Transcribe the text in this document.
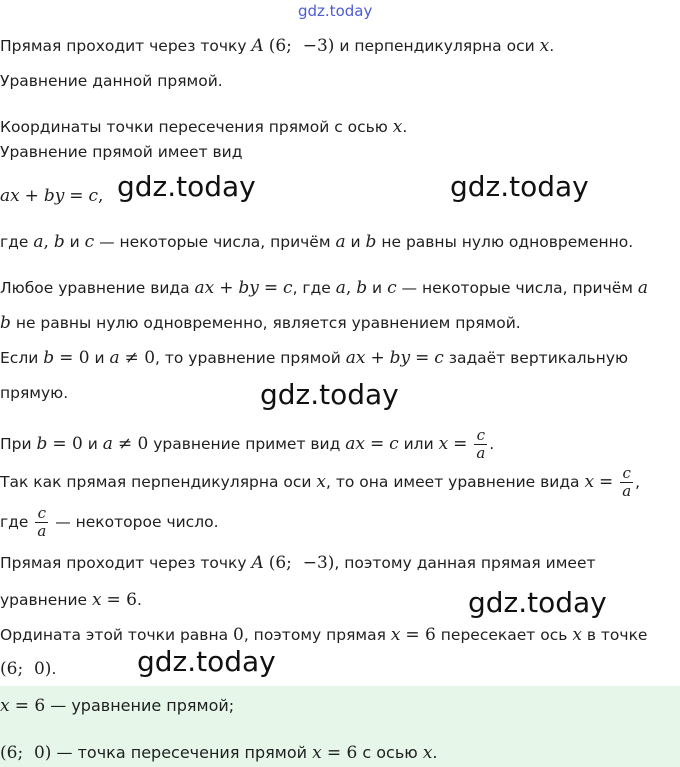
gdz.today
Прямая проходит через точку A (6;  −3) и перпендикулярна оси x.
Уравнение данной прямой.
Координаты точки пересечения прямой с осью x.
Уравнение прямой имеет вид
ax + by = c,
где a, b и c — некоторые числа, причём a и b не равны нулю одновременно.
Любое уравнение вида ax + by = c, где a, b и c — некоторые числа, причём a
b не равны нулю одновременно, является уравнением прямой.
Если b = 0 и a ≠ 0, то уравнение прямой ax + by = c задаёт вертикальную
прямую.
При b = 0 и a ≠ 0 уравнение примет вид ax = c или $x = \frac{c}{a}$ .
Так как прямая перпендикулярна оси x, то она имеет уравнение вида $x = \frac{c}{a}$ ,
где $\frac{c}{a}$ — некоторое число.
Прямая проходит через точку A (6;  −3), поэтому данная прямая имеет
уравнение x = 6.
Ордината этой точки равна 0, поэтому прямая x = 6 пересекает ось x в точке
(6;  0).
x = 6 — уравнение прямой;
(6;  0) — точка пересечения прямой x = 6 с осью x.
gdz.today	gdz.today
gdz.today
gdz.today
gdz.today
